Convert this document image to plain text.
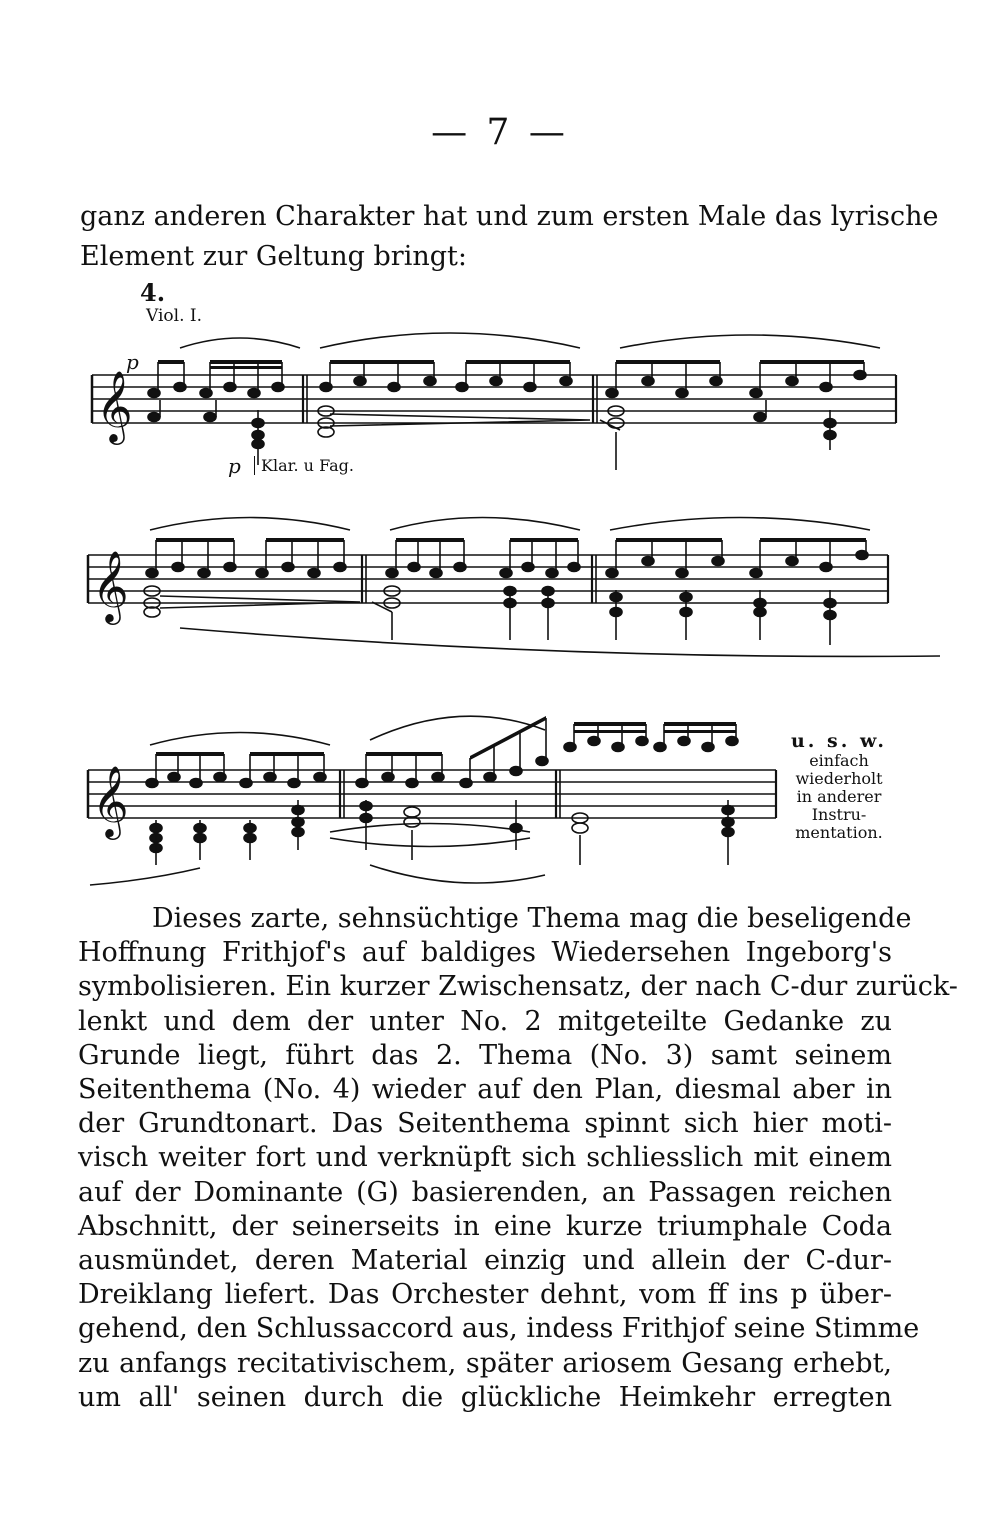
— 7 —
ganz anderen Charakter hat und zum ersten Male das lyrische
Element zur Geltung bringt:
4.
Viol. I.
𝄞
p
p	Klar. u Fag.
𝄞
𝄞
u. s. w.
einfach
wiederholt
in anderer
Instru-
mentation.
Dieses zarte, sehnsüchtige Thema mag die beseligende
Hoffnung Frithjof's auf baldiges Wiedersehen Ingeborg's
symbolisieren. Ein kurzer Zwischensatz, der nach C-dur zurück-
lenkt und dem der unter No. 2 mitgeteilte Gedanke zu
Grunde liegt, führt das 2. Thema (No. 3) samt seinem
Seitenthema (No. 4) wieder auf den Plan, diesmal aber in
der Grundtonart. Das Seitenthema spinnt sich hier moti-
visch weiter fort und verknüpft sich schliesslich mit einem
auf der Dominante (G) basierenden, an Passagen reichen
Abschnitt, der seinerseits in eine kurze triumphale Coda
ausmündet, deren Material einzig und allein der C-dur-
Dreiklang liefert. Das Orchester dehnt, vom ff ins p über-
gehend, den Schlussaccord aus, indess Frithjof seine Stimme
zu anfangs recitativischem, später ariosem Gesang erhebt,
um all' seinen durch die glückliche Heimkehr erregten
